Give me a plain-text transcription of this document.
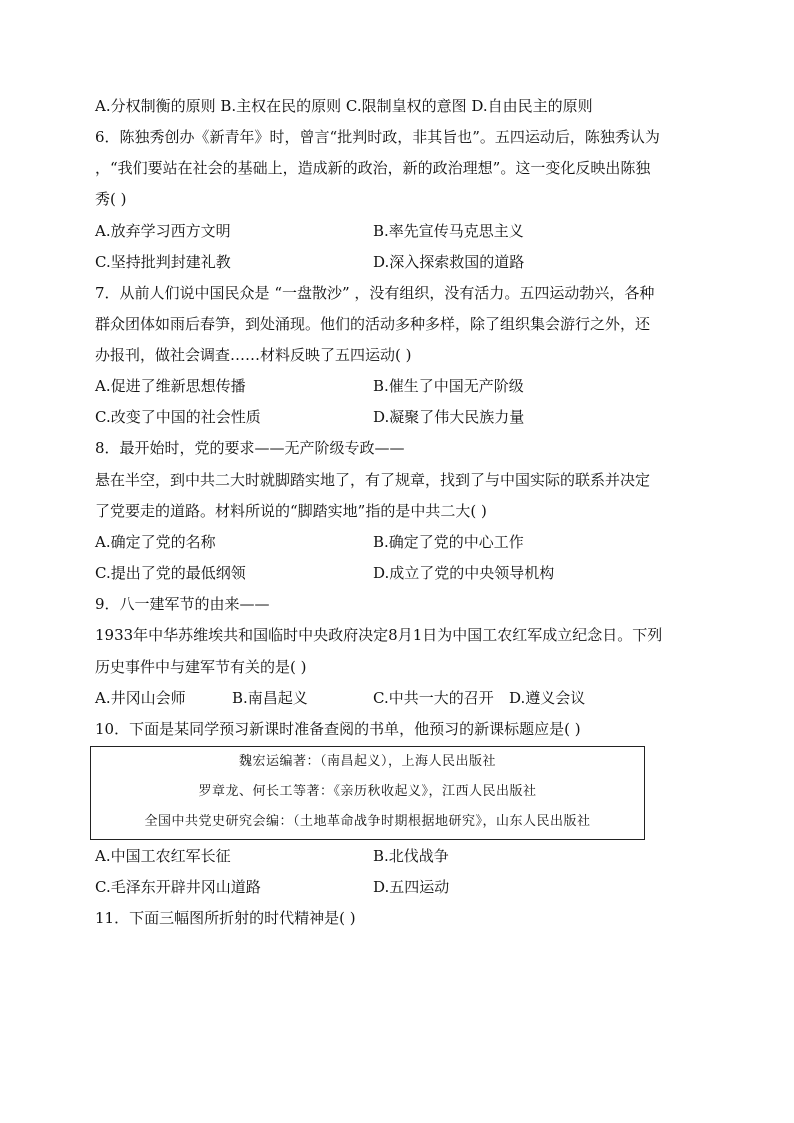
A.分权制衡的原则 B.主权在民的原则 C.限制皇权的意图 D.自由民主的原则
6．陈独秀创办《新青年》时，曾言“批判时政，非其旨也”。五四运动后，陈独秀认为
，“我们要站在社会的基础上，造成新的政治，新的政治理想”。这一变化反映出陈独
秀( )
A.放弃学习西方文明	B.率先宣传马克思主义
C.坚持批判封建礼教	D.深入探索救国的道路
7．从前人们说中国民众是 “一盘散沙” ，没有组织，没有活力。五四运动勃兴，各种
群众团体如雨后春笋，到处涌现。他们的活动多种多样，除了组织集会游行之外，还
办报刊，做社会调查……材料反映了五四运动( )
A.促进了维新思想传播	B.催生了中国无产阶级
C.改变了中国的社会性质	D.凝聚了伟大民族力量
8．最开始时，党的要求——无产阶级专政——
悬在半空，到中共二大时就脚踏实地了，有了规章，找到了与中国实际的联系并决定
了党要走的道路。材料所说的“脚踏实地”指的是中共二大( )
A.确定了党的名称	B.确定了党的中心工作
C.提出了党的最低纲领	D.成立了党的中央领导机构
9．八一建军节的由来——
1933年中华苏维埃共和国临时中央政府决定8月1日为中国工农红军成立纪念日。下列
历史事件中与建军节有关的是( )
A.井冈山会师	B.南昌起义	C.中共一大的召开 D.遵义会议
10．下面是某同学预习新课时准备查阅的书单，他预习的新课标题应是( )
魏宏运编著：（南昌起义），上海人民出版社
罗章龙、何长工等著：《亲历秋收起义》，江西人民出版社
全国中共党史研究会编：（土地革命战争时期根据地研究》，山东人民出版社
A.中国工农红军长征	B.北伐战争
C.毛泽东开辟井冈山道路	D.五四运动
11．下面三幅图所折射的时代精神是( )
